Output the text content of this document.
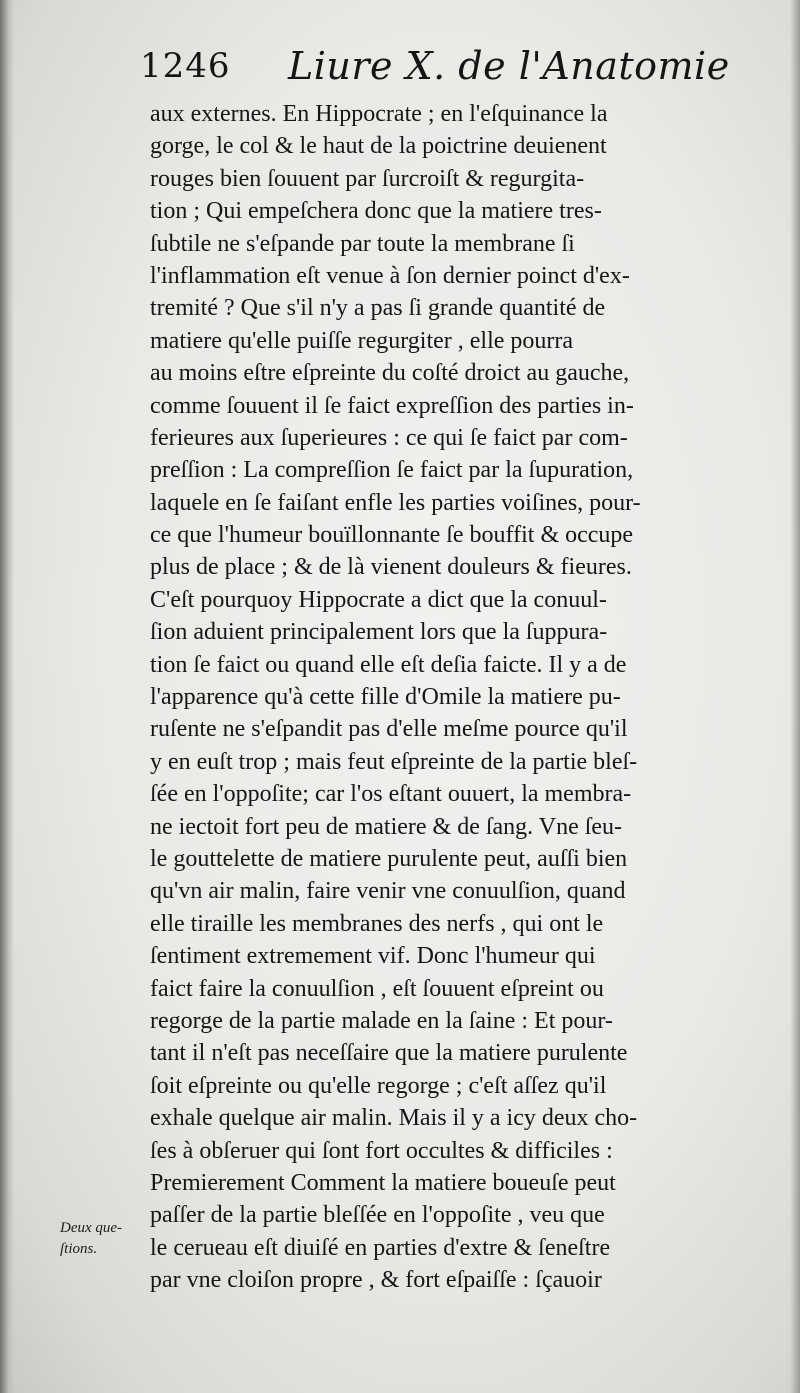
1246 Liure X. de l'Anatomie
aux externes. En Hippocrate ; en l'eſquinance la
gorge, le col & le haut de la poictrine deuienent
rouges bien ſouuent par ſurcroiſt & regurgita-
tion ; Qui empeſchera donc que la matiere tres-
ſubtile ne s'eſpande par toute la membrane ſi
l'inflammation eſt venue à ſon dernier poinct d'ex-
tremité ? Que s'il n'y a pas ſi grande quantité de
matiere qu'elle puiſſe regurgiter , elle pourra
au moins eſtre eſpreinte du coſté droict au gauche,
comme ſouuent il ſe faict expreſſion des parties in-
ferieures aux ſuperieures : ce qui ſe faict par com-
preſſion : La compreſſion ſe faict par la ſupuration,
laquele en ſe faiſant enfle les parties voiſines, pour-
ce que l'humeur bouïllonnante ſe bouffit & occupe
plus de place ; & de là vienent douleurs & fieures.
C'eſt pourquoy Hippocrate a dict que la conuul-
ſion aduient principalement lors que la ſuppura-
tion ſe faict ou quand elle eſt deſia faicte. Il y a de
l'apparence qu'à cette fille d'Omile la matiere pu-
ruſente ne s'eſpandit pas d'elle meſme pource qu'il
y en euſt trop ; mais feut eſpreinte de la partie bleſ-
ſée en l'oppoſite; car l'os eſtant ouuert, la membra-
ne iectoit fort peu de matiere & de ſang. Vne ſeu-
le gouttelette de matiere purulente peut, auſſi bien
qu'vn air malin, faire venir vne conuulſion, quand
elle tiraille les membranes des nerfs , qui ont le
ſentiment extremement vif. Donc l'humeur qui
faict faire la conuulſion , eſt ſouuent eſpreint ou
regorge de la partie malade en la ſaine : Et pour-
tant il n'eſt pas neceſſaire que la matiere purulente
ſoit eſpreinte ou qu'elle regorge ; c'eſt aſſez qu'il
exhale quelque air malin. Mais il y a icy deux cho-
ſes à obſeruer qui ſont fort occultes & difficiles :
Premierement Comment la matiere boueuſe peut
paſſer de la partie bleſſée en l'oppoſite , veu que
le cerueau eſt diuiſé en parties d'extre & ſeneſtre
par vne cloiſon propre , & fort eſpaiſſe : ſçauoir
Deux que-
ſtions.
